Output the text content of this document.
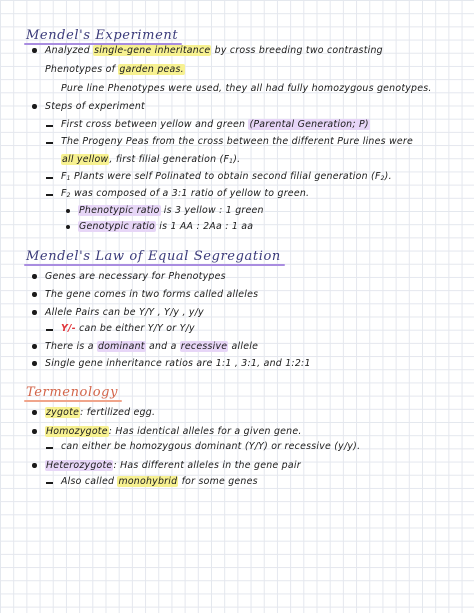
Mendel's Experiment
Analyzed single-gene inheritance by cross breeding two contrasting
Phenotypes of garden peas.
Pure line Phenotypes were used, they all had fully homozygous genotypes.
Steps of experiment
First cross between yellow and green (Parental Generation; P)
The Progeny Peas from the cross between the different Pure lines were
all yellow, first filial generation $(F_1)$.
$F_1$ Plants were self Polinated to obtain second filial generation $(F_2)$.
$F_2$ was composed of a 3:1 ratio of yellow to green.
Phenotypic ratio is 3 yellow : 1 green
Genotypic ratio is 1 AA : 2Aa : 1 aa
Mendel's Law of Equal Segregation
Genes are necessary for Phenotypes
The gene comes in two forms called alleles
Allele Pairs can be Y/Y , Y/y , y/y
Y/- can be either Y/Y or Y/y
There is a dominant and a recessive allele
Single gene inheritance ratios are 1:1 , 3:1, and 1:2:1
Termenology
zygote: fertilized egg.
Homozygote: Has identical alleles for a given gene.
can either be homozygous dominant (Y/Y) or recessive (y/y).
Heterozygote: Has different alleles in the gene pair
Also called monohybrid for some genes
